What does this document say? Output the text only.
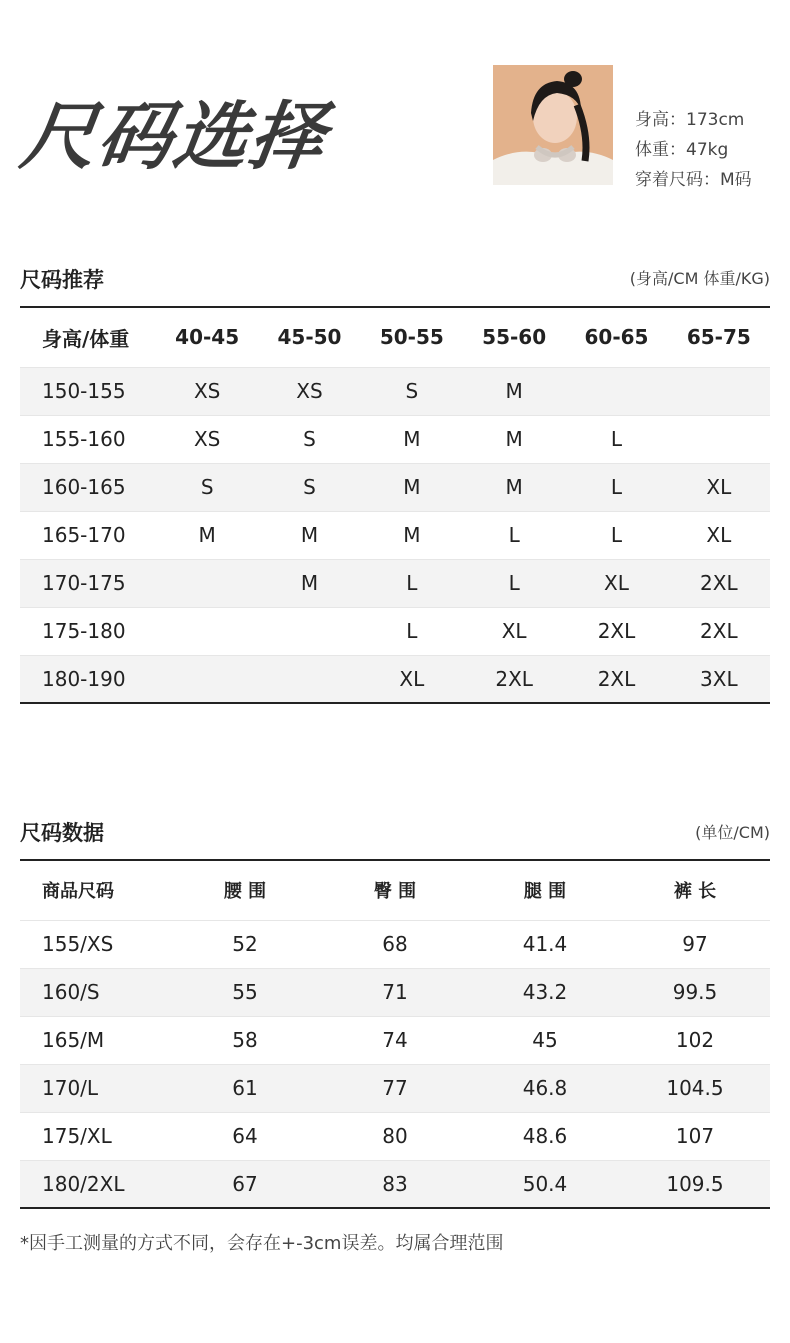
尺码选择	身高：173cm
体重：47kg
穿着尺码：M码
尺码推荐	(身高/CM 体重/KG)
身高/体重	40-45	45-50	50-55	55-60	60-65	65-75
150-155	XS	XS	S	M		
155-160	XS	S	M	M	L	
160-165	S	S	M	M	L	XL
165-170	M	M	M	L	L	XL
170-175		M	L	L	XL	2XL
175-180			L	XL	2XL	2XL
180-190			XL	2XL	2XL	3XL
尺码数据	(单位/CM)
商品尺码	腰 围	臀 围	腿 围	裤 长
155/XS	52	68	41.4	97
160/S	55	71	43.2	99.5
165/M	58	74	45	102
170/L	61	77	46.8	104.5
175/XL	64	80	48.6	107
180/2XL	67	83	50.4	109.5
*因手工测量的方式不同，会存在+-3cm误差。均属合理范围
